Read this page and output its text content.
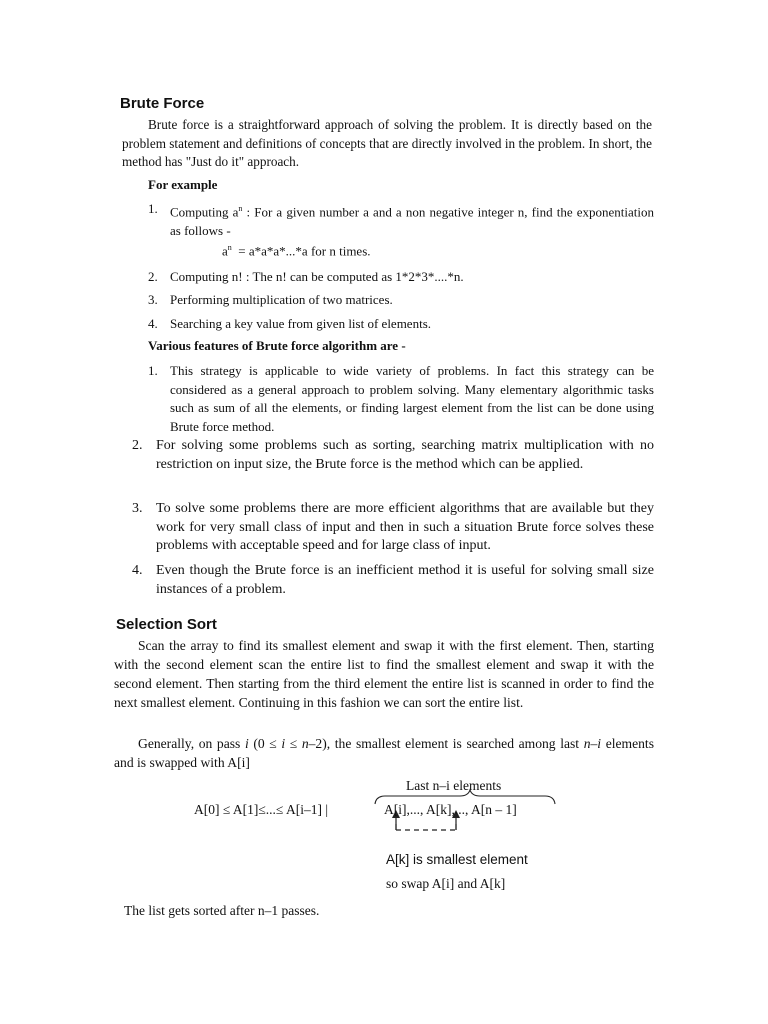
Brute Force

Brute force is a straightforward approach of solving the problem. It is directly based on the problem statement and definitions of concepts that are directly involved in the problem. In short, the method has "Just do it" approach.

For example
1. Computing $a^n$ : For a given number a and a non negative integer n, find the exponentiation as follows -
$a^n = a*a*a*...*a$ for n times.
2. Computing n! : The n! can be computed as 1*2*3*....*n.
3. Performing multiplication of two matrices.
4. Searching a key value from given list of elements.
Various features of Brute force algorithm are -
1. This strategy is applicable to wide variety of problems. In fact this strategy can be considered as a general approach to problem solving. Many elementary algorithmic tasks such as sum of all the elements, or finding largest element from the list can be done using Brute force method.
2. For solving some problems such as sorting, searching matrix multiplication with no restriction on input size, the Brute force is the method which can be applied.
3. To solve some problems there are more efficient algorithms that are available but they work for very small class of input and then in such a situation Brute force solves these problems with acceptable speed and for large class of input.
4. Even though the Brute force is an inefficient method it is useful for solving small size instances of a problem.
Selection Sort

Scan the array to find its smallest element and swap it with the first element. Then, starting with the second element scan the entire list to find the smallest element and swap it with the second element. Then starting from the third element the entire list is scanned in order to find the next smallest element. Continuing in this fashion we can sort the entire list.

Generally, on pass i (0 ≤ i ≤ n–2), the smallest element is searched among last n–i elements and is swapped with A[i]

Last n–i elements
A[0] ≤ A[1]≤...≤ A[i–1] |	A[i],..., A[k],..., A[n – 1]
A[k] is smallest element
so swap A[i] and A[k]
The list gets sorted after n–1 passes.
